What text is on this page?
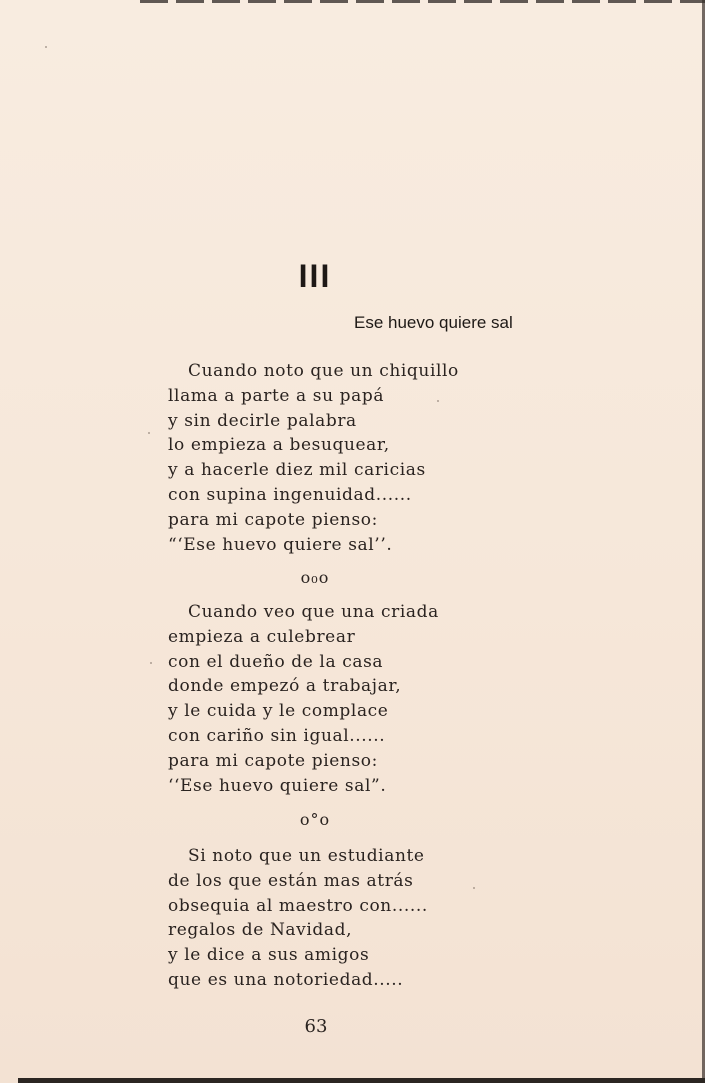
III
Ese huevo quiere sal
Cuando noto que un chiquillo
llama a parte a su papá
y sin decirle palabra
lo empieza a besuquear,
y a hacerle diez mil caricias
con supina ingenuidad......
para mi capote pienso:
“‘Ese huevo quiere sal’’.
o₀o
Cuando veo que una criada
empieza a culebrear
con el dueño de la casa
donde empezó a trabajar,
y le cuida y le complace
con cariño sin igual......
para mi capote pienso:
‘‘Ese huevo quiere sal”.
o°o
Si noto que un estudiante
de los que están mas atrás
obsequia al maestro con......
regalos de Navidad,
y le dice a sus amigos
que es una notoriedad.....
63
